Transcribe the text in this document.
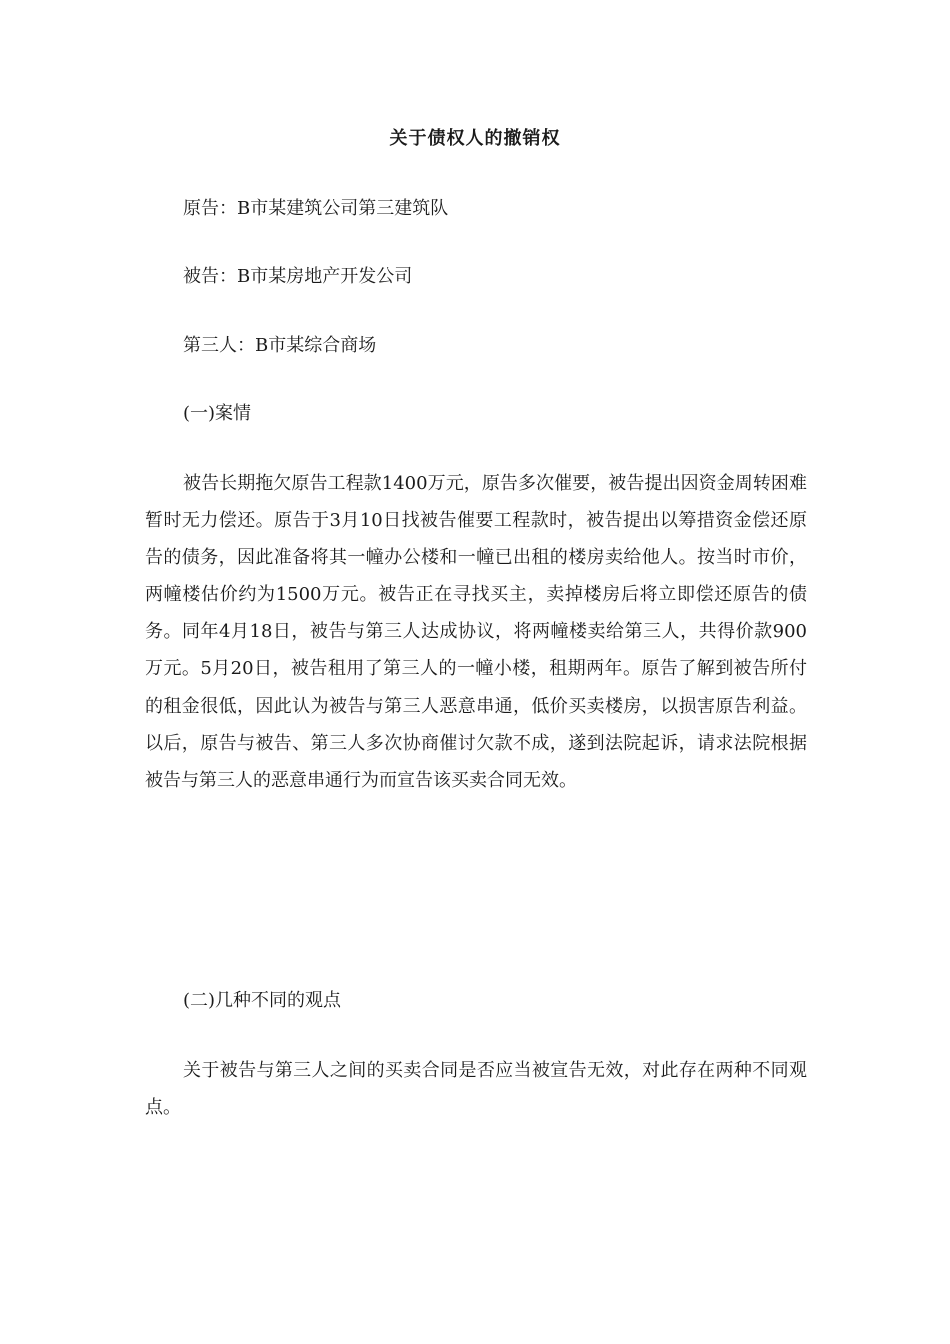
关于债权人的撤销权
原告：B市某建筑公司第三建筑队
被告：B市某房地产开发公司
第三人：B市某综合商场
(一)案情

被告长期拖欠原告工程款1400万元，原告多次催要，被告提出因资金周转困难暂时无力偿还。原告于3月10日找被告催要工程款时，被告提出以筹措资金偿还原告的债务，因此准备将其一幢办公楼和一幢已出租的楼房卖给他人。按当时市价，两幢楼估价约为1500万元。被告正在寻找买主，卖掉楼房后将立即偿还原告的债务。同年4月18日，被告与第三人达成协议，将两幢楼卖给第三人，共得价款900万元。5月20日，被告租用了第三人的一幢小楼，租期两年。原告了解到被告所付的租金很低，因此认为被告与第三人恶意串通，低价买卖楼房，以损害原告利益。以后，原告与被告、第三人多次协商催讨欠款不成，遂到法院起诉，请求法院根据被告与第三人的恶意串通行为而宣告该买卖合同无效。

(二)几种不同的观点

关于被告与第三人之间的买卖合同是否应当被宣告无效，对此存在两种不同观点。
